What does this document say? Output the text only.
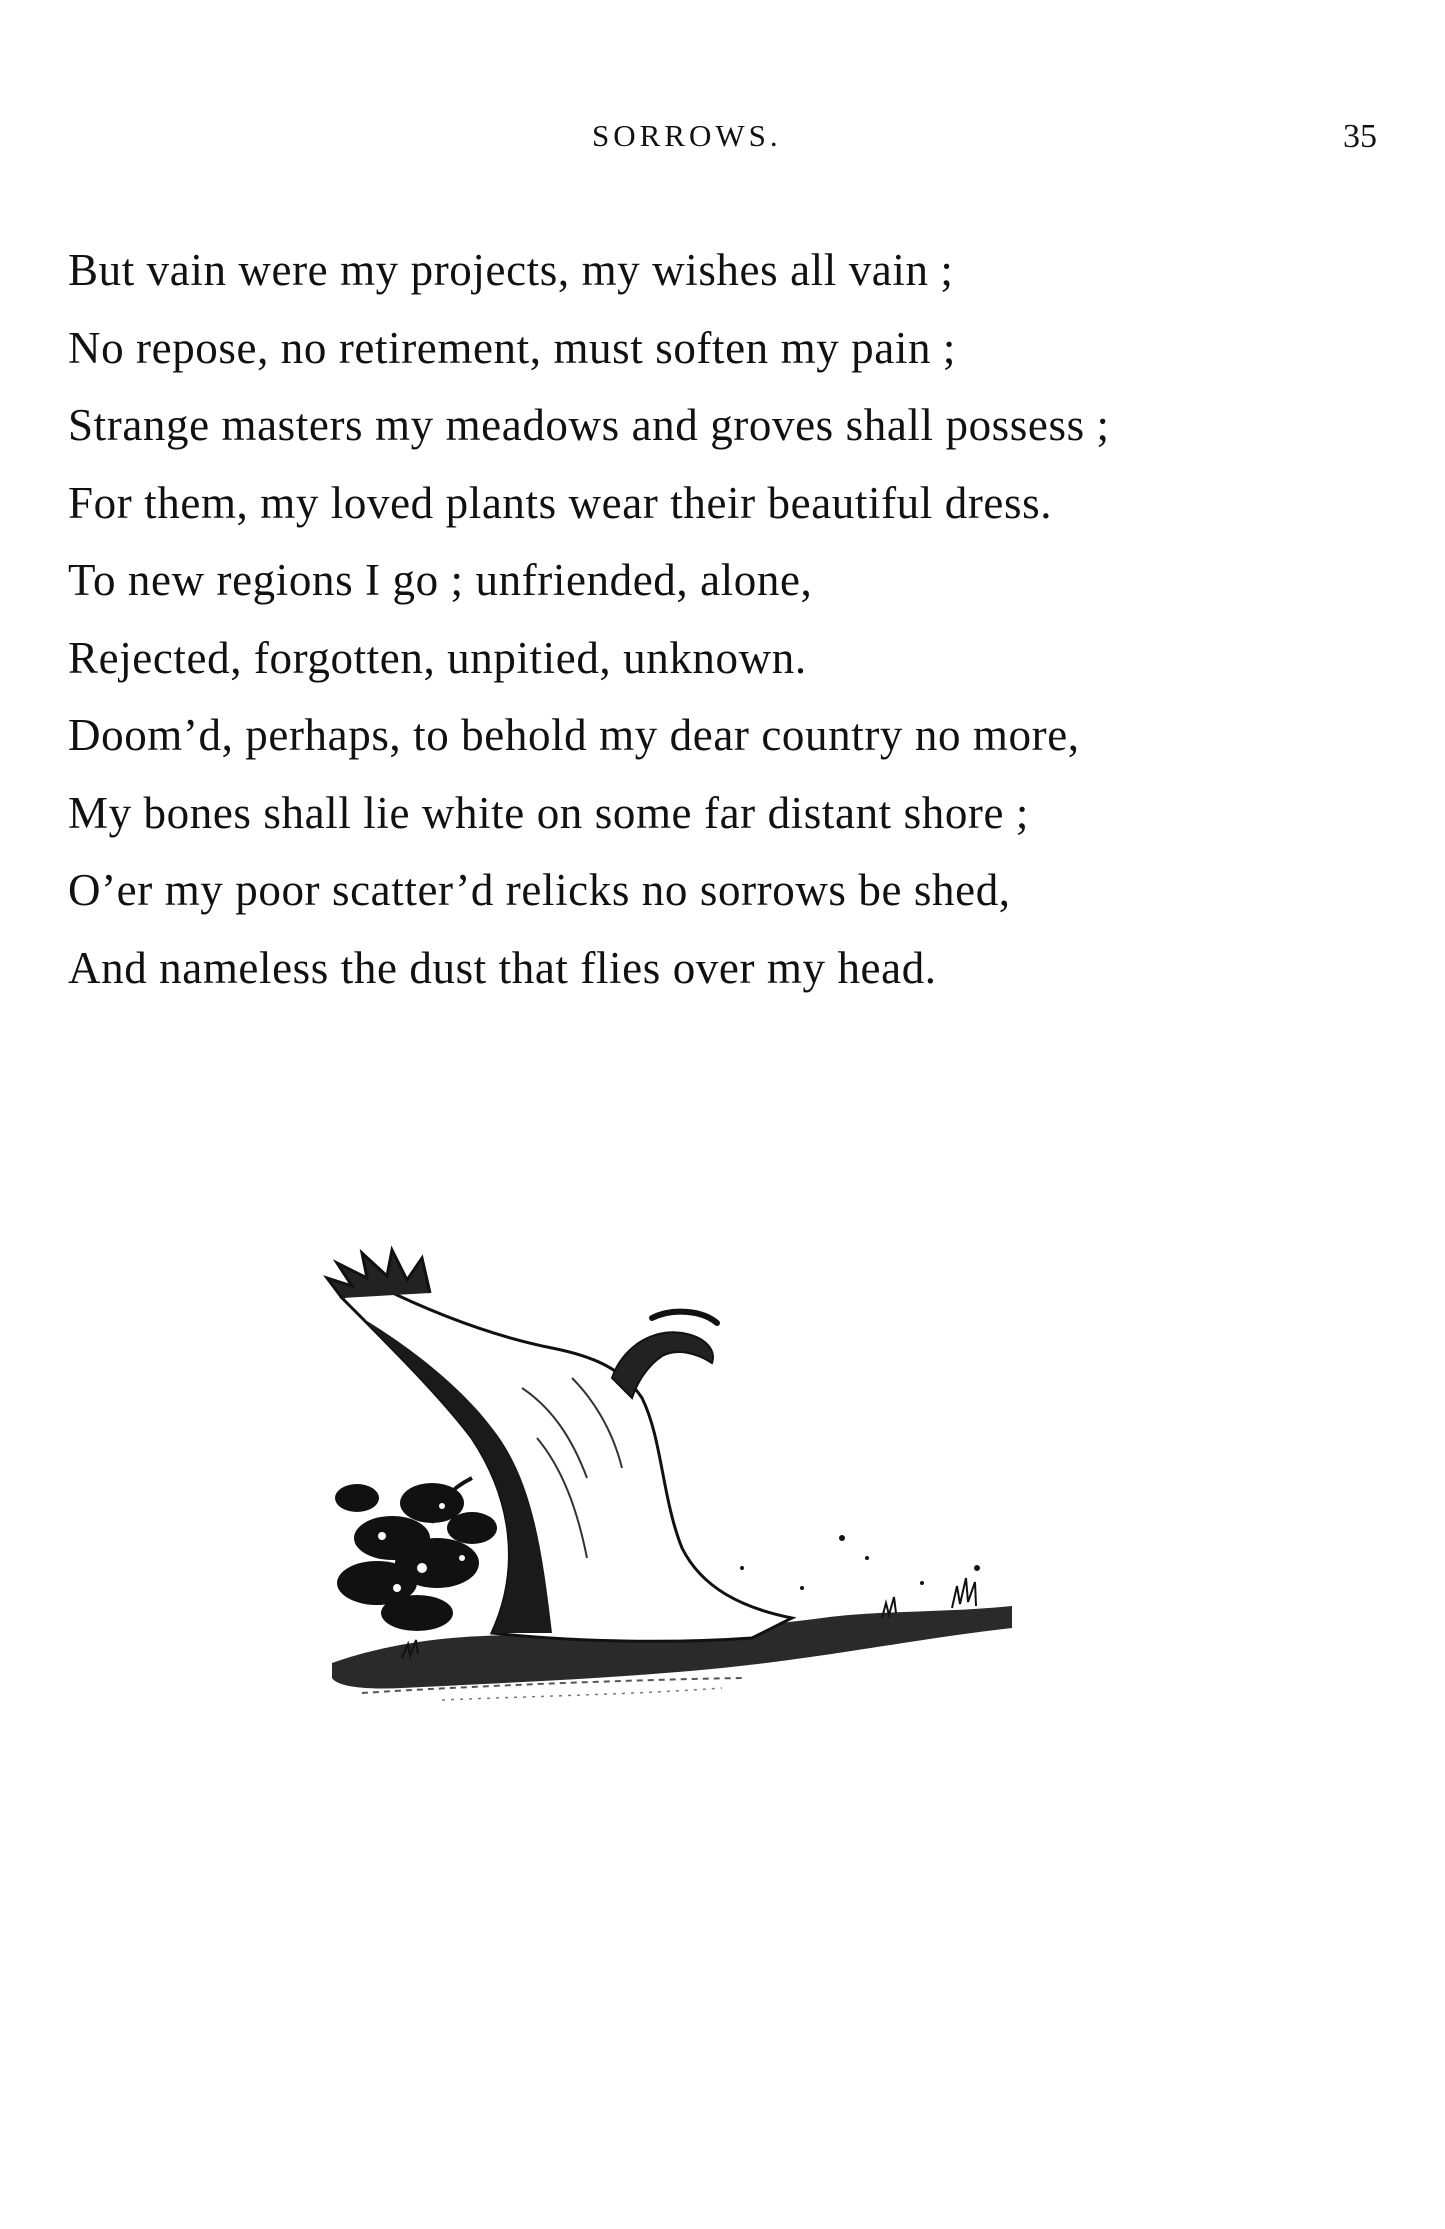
SORROWS.	35
But vain were my projects, my wishes all vain ;
No repose, no retirement, must soften my pain ;
Strange masters my meadows and groves shall possess ;
For them, my loved plants wear their beautiful dress.
To new regions I go ; unfriended, alone,
Rejected, forgotten, unpitied, unknown.
Doom’d, perhaps, to behold my dear country no more,
My bones shall lie white on some far distant shore ;
O’er my poor scatter’d relicks no sorrows be shed,
And nameless the dust that flies over my head.
